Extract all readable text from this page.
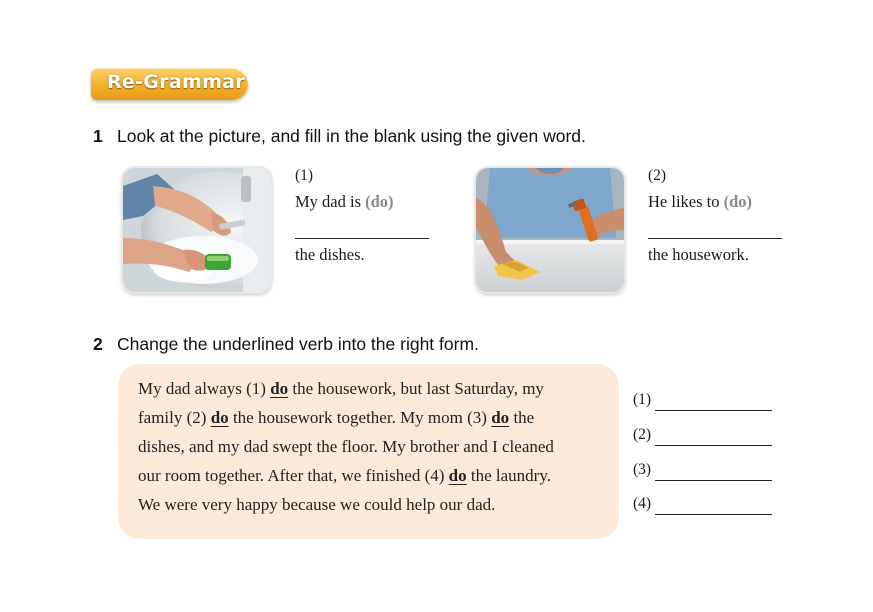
Re-Grammar
1 Look at the picture, and fill in the blank using the given word.
(1)
My dad is (do)
the dishes.
(2)
He likes to (do)
the housework.
2 Change the underlined verb into the right form.
My dad always (1) do the housework, but last Saturday, my
family (2) do the housework together. My mom (3) do the
dishes, and my dad swept the floor. My brother and I cleaned
our room together. After that, we finished (4) do the laundry.
We were very happy because we could help our dad.
(1)
(2)
(3)
(4)
